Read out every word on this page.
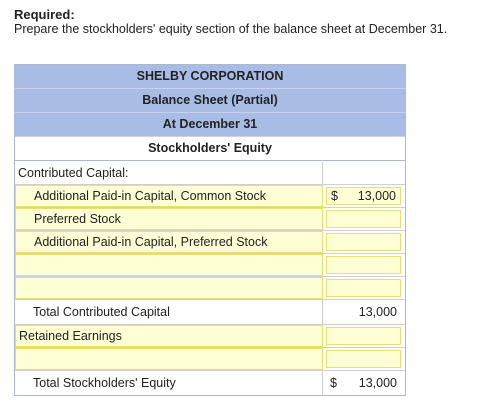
Required:
Prepare the stockholders' equity section of the balance sheet at December 31.
SHELBY CORPORATION
Balance Sheet (Partial)
At December 31
Stockholders' Equity
Contributed Capital:
Additional Paid-in Capital, Common Stock	$ 13,000
Preferred Stock
Additional Paid-in Capital, Preferred Stock
Total Contributed Capital	13,000
Retained Earnings
Total Stockholders' Equity	$ 13,000
